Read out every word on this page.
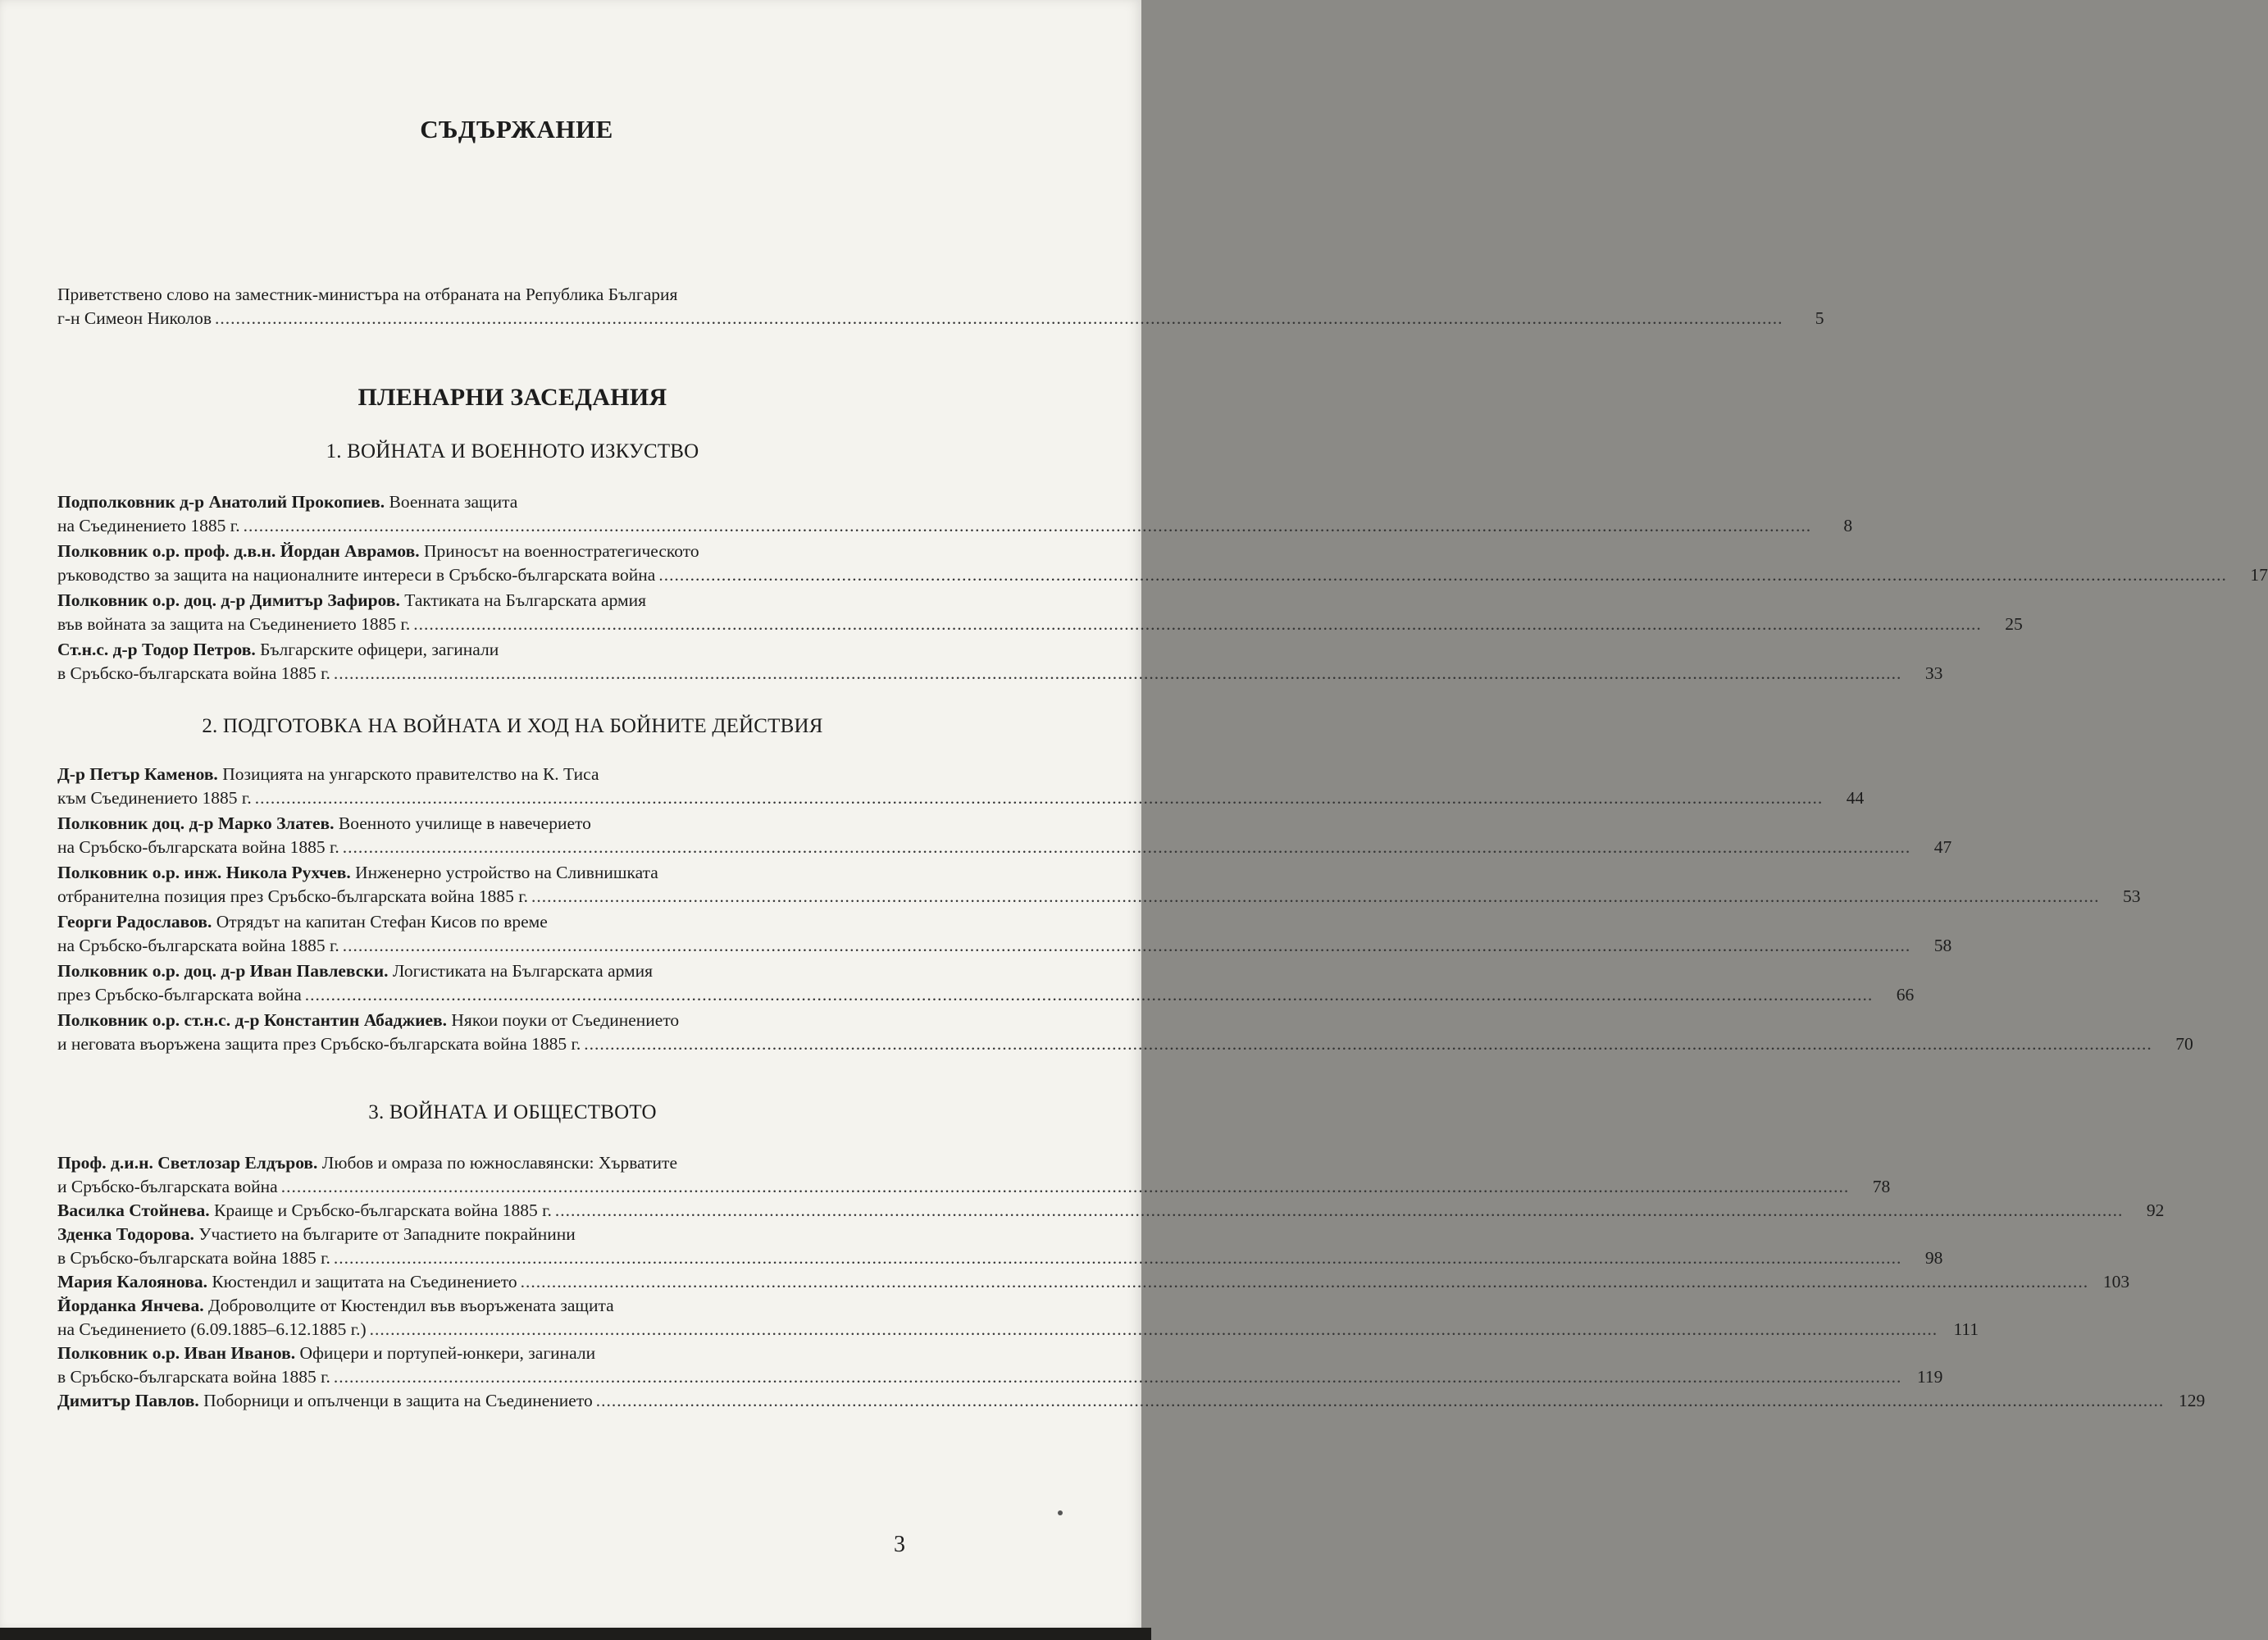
СЪДЪРЖАНИЕ
Приветствено слово на заместник-министъра на отбраната на Република България
г-н Симеон Николов ............................................................................................................................................................................................................................................................................................................	5
ПЛЕНАРНИ ЗАСЕДАНИЯ
1. ВОЙНАТА И ВОЕННОТО ИЗКУСТВО
Подполковник д-р Анатолий Прокопиев. Военната защита
на Съединението 1885 г. ............................................................................................................................................................................................................................................................................................................	8
Полковник о.р. проф. д.в.н. Йордан Аврамов. Приносът на военностратегическото
ръководство за защита на националните интереси в Сръбско-българската война ............................................................................................................................................................................................................................................................................................................	17
Полковник о.р. доц. д-р Димитър Зафиров. Тактиката на Българската армия
във войната за защита на Съединението 1885 г. ............................................................................................................................................................................................................................................................................................................	25
Ст.н.с. д-р Тодор Петров. Българските офицери, загинали
в Сръбско-българската война 1885 г. ............................................................................................................................................................................................................................................................................................................	33
2. ПОДГОТОВКА НА ВОЙНАТА И ХОД НА БОЙНИТЕ ДЕЙСТВИЯ
Д-р Петър Каменов. Позицията на унгарското правителство на К. Тиса
към Съединението 1885 г. ............................................................................................................................................................................................................................................................................................................	44
Полковник доц. д-р Марко Златев. Военното училище в навечерието
на Сръбско-българската война 1885 г. ............................................................................................................................................................................................................................................................................................................	47
Полковник о.р. инж. Никола Рухчев. Инженерно устройство на Сливнишката
отбранителна позиция през Сръбско-българската война 1885 г. ............................................................................................................................................................................................................................................................................................................	53
Георги Радославов. Отрядът на капитан Стефан Кисов по време
на Сръбско-българската война 1885 г. ............................................................................................................................................................................................................................................................................................................	58
Полковник о.р. доц. д-р Иван Павлевски. Логистиката на Българската армия
през Сръбско-българската война ............................................................................................................................................................................................................................................................................................................	66
Полковник о.р. ст.н.с. д-р Константин Абаджиев. Някои поуки от Съединението
и неговата въоръжена защита през Сръбско-българската война 1885 г. ............................................................................................................................................................................................................................................................................................................	70
3. ВОЙНАТА И ОБЩЕСТВОТО
Проф. д.и.н. Светлозар Елдъров. Любов и омраза по южнославянски: Хърватите
и Сръбско-българската война ............................................................................................................................................................................................................................................................................................................	78
Василка Стойнева. Краище и Сръбско-българската война 1885 г. ............................................................................................................................................................................................................................................................................................................	92
Зденка Тодорова. Участието на българите от Западните покрайнини
в Сръбско-българската война 1885 г. ............................................................................................................................................................................................................................................................................................................	98
Мария Калоянова. Кюстендил и защитата на Съединението ............................................................................................................................................................................................................................................................................................................ 103
Йорданка Янчева. Доброволците от Кюстендил във въоръжената защита
на Съединението (6.09.1885–6.12.1885 г.) ............................................................................................................................................................................................................................................................................................................ 111
Полковник о.р. Иван Иванов. Офицери и портупей-юнкери, загинали
в Сръбско-българската война 1885 г. ............................................................................................................................................................................................................................................................................................................ 119
Димитър Павлов. Поборници и опълченци в защита на Съединението ............................................................................................................................................................................................................................................................................................................ 129
3
